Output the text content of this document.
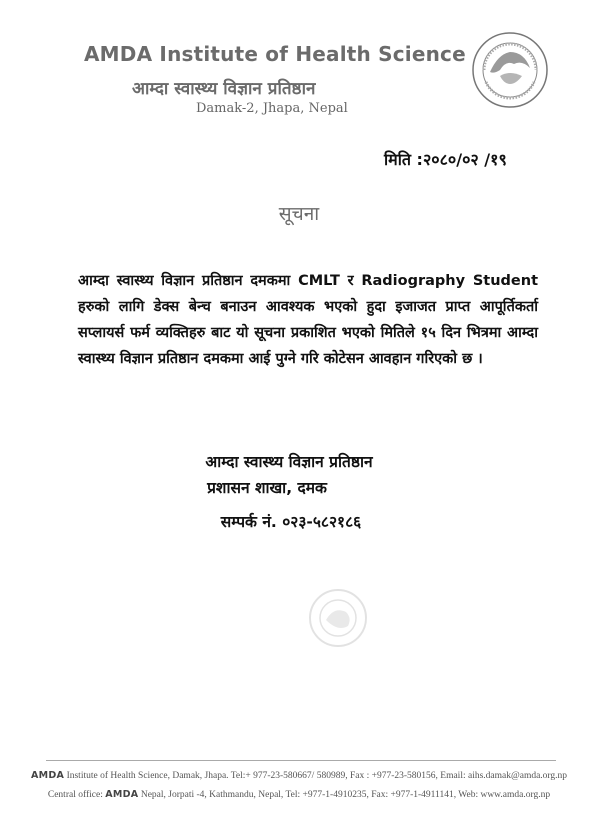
AMDA Institute of Health Science
आम्दा स्वास्थ्य विज्ञान प्रतिष्ठान
Damak-2, Jhapa, Nepal
मिति :२०८०/०२ /१९
सूचना
आम्दा स्वास्थ्य विज्ञान प्रतिष्ठान दमकमा CMLT र Radiography Student हरुको लागि डेक्स बेन्च बनाउन आवश्यक भएको हुदा इजाजत प्राप्त आपूर्तिकर्ता सप्लायर्स फर्म व्यक्तिहरु बाट यो सूचना प्रकाशित भएको मितिले १५ दिन भित्रमा आम्दा स्वास्थ्य विज्ञान प्रतिष्ठान दमकमा आई पुग्ने गरि कोटेसन आवहान गरिएको छ ।
आम्दा स्वास्थ्य विज्ञान प्रतिष्ठान
प्रशासन शाखा, दमक
सम्पर्क नं. ०२३-५८२१८६
AMDA Institute of Health Science, Damak, Jhapa. Tel:+ 977-23-580667/ 580989, Fax : +977-23-580156, Email: aihs.damak@amda.org.np
Central office: AMDA Nepal, Jorpati -4, Kathmandu, Nepal, Tel: +977-1-4910235, Fax: +977-1-4911141, Web: www.amda.org.np
